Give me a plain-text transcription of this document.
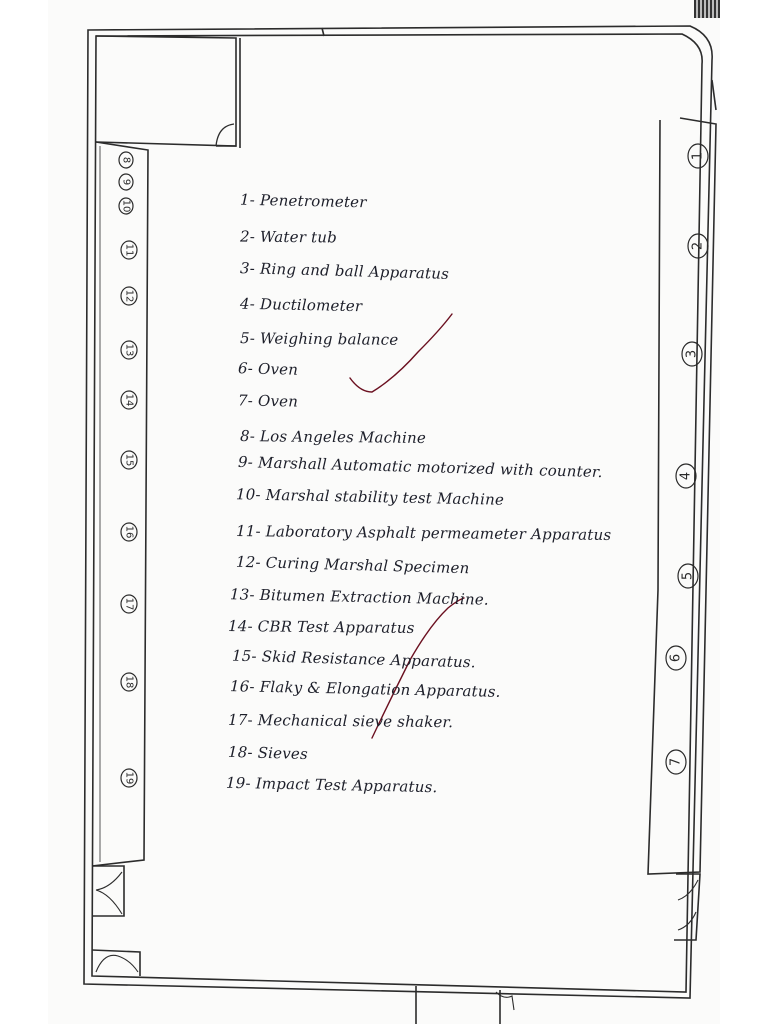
8
9
10
11
12
13
14
15
16
17
18
19
1
2
3
4
5
6
7
1- Penetrometer
2- Water tub
3- Ring and ball Apparatus
4- Ductilometer
5- Weighing balance
6- Oven
7- Oven
8- Los Angeles Machine
9- Marshall Automatic motorized with counter.
10- Marshal stability test Machine
11- Laboratory Asphalt permeameter Apparatus
12- Curing Marshal Specimen
13- Bitumen Extraction Machine.
14- CBR Test Apparatus
15- Skid Resistance Apparatus.
16- Flaky & Elongation Apparatus.
17- Mechanical sieve shaker.
18- Sieves
19- Impact Test Apparatus.
